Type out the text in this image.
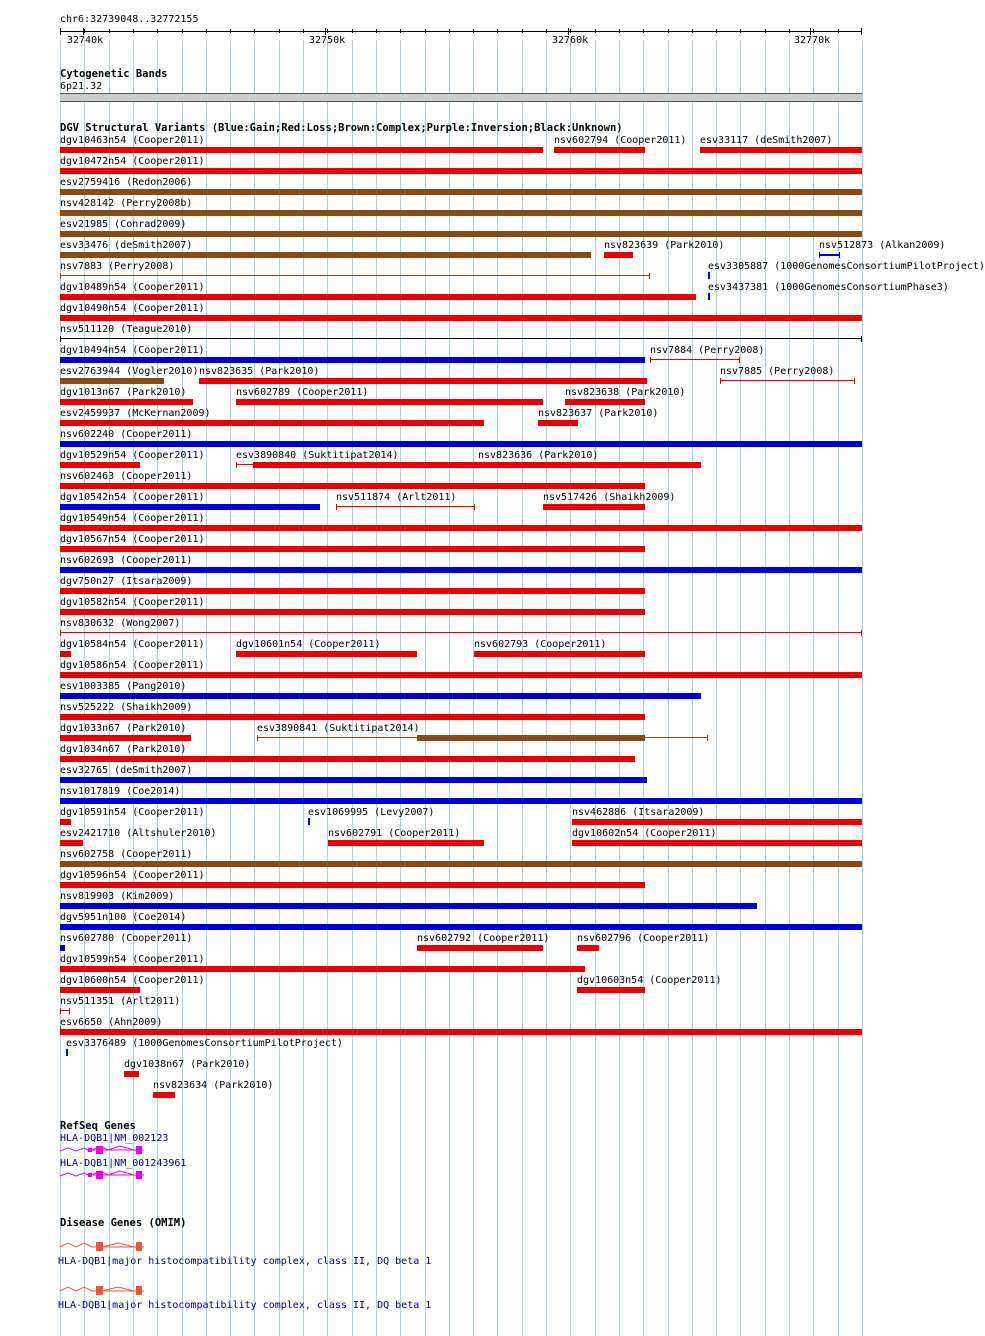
chr6:32739048..32772155
32740k	32750k	32760k	32770k
Cytogenetic Bands
6p21.32
DGV Structural Variants (Blue:Gain;Red:Loss;Brown:Complex;Purple:Inversion;Black:Unknown)
dgv10463n54 (Cooper2011)	nsv602794 (Cooper2011) esv33117 (deSmith2007)
dgv10472n54 (Cooper2011)
esv2759416 (Redon2006)
nsv428142 (Perry2008b)
esv21985 (Conrad2009)
esv33476 (deSmith2007)	nsv823639 (Park2010)	nsv512873 (Alkan2009)
nsv7883 (Perry2008)	esv3305887 (1000GenomesConsortiumPilotProject)
dgv10489n54 (Cooper2011)	esv3437381 (1000GenomesConsortiumPhase3)
dgv10490n54 (Cooper2011)
nsv511120 (Teague2010)
dgv10494n54 (Cooper2011)	nsv7884 (Perry2008)
esv2763944 (Vogler2010) nsv823635 (Park2010)	nsv7885 (Perry2008)
dgv1013n67 (Park2010)	nsv602789 (Cooper2011)	nsv823638 (Park2010)
esv2459937 (McKernan2009)	nsv823637 (Park2010)
nsv602240 (Cooper2011)
dgv10529n54 (Cooper2011)	esv3890840 (Suktitipat2014)	nsv823636 (Park2010)
nsv602463 (Cooper2011)
dgv10542n54 (Cooper2011)	nsv511874 (Arlt2011)	nsv517426 (Shaikh2009)
dgv10549n54 (Cooper2011)
dgv10567n54 (Cooper2011)
nsv602693 (Cooper2011)
dgv750n27 (Itsara2009)
dgv10582n54 (Cooper2011)
nsv830632 (Wong2007)
dgv10584n54 (Cooper2011)	dgv10601n54 (Cooper2011)	nsv602793 (Cooper2011)
dgv10586n54 (Cooper2011)
esv1003385 (Pang2010)
nsv525222 (Shaikh2009)
dgv1033n67 (Park2010)	esv3890841 (Suktitipat2014)
dgv1034n67 (Park2010)
esv32765 (deSmith2007)
nsv1017819 (Coe2014)
dgv10591n54 (Cooper2011)	esv1069995 (Levy2007)	nsv462886 (Itsara2009)
esv2421710 (Altshuler2010)	nsv602791 (Cooper2011)	dgv10602n54 (Cooper2011)
nsv602758 (Cooper2011)
dgv10596n54 (Cooper2011)
nsv819903 (Kim2009)
dgv5951n100 (Coe2014)
nsv602780 (Cooper2011)	nsv602792 (Cooper2011)	nsv602796 (Cooper2011)
dgv10599n54 (Cooper2011)
dgv10600n54 (Cooper2011)	dgv10603n54 (Cooper2011)
nsv511351 (Arlt2011)
esv6650 (Ahn2009)
esv3376489 (1000GenomesConsortiumPilotProject)
dgv1038n67 (Park2010)
nsv823634 (Park2010)
RefSeq Genes
HLA-DQB1|NM_002123
HLA-DQB1|NM_001243961
Disease Genes (OMIM)
HLA-DQB1|major histocompatibility complex, class II, DQ beta 1
HLA-DQB1|major histocompatibility complex, class II, DQ beta 1
